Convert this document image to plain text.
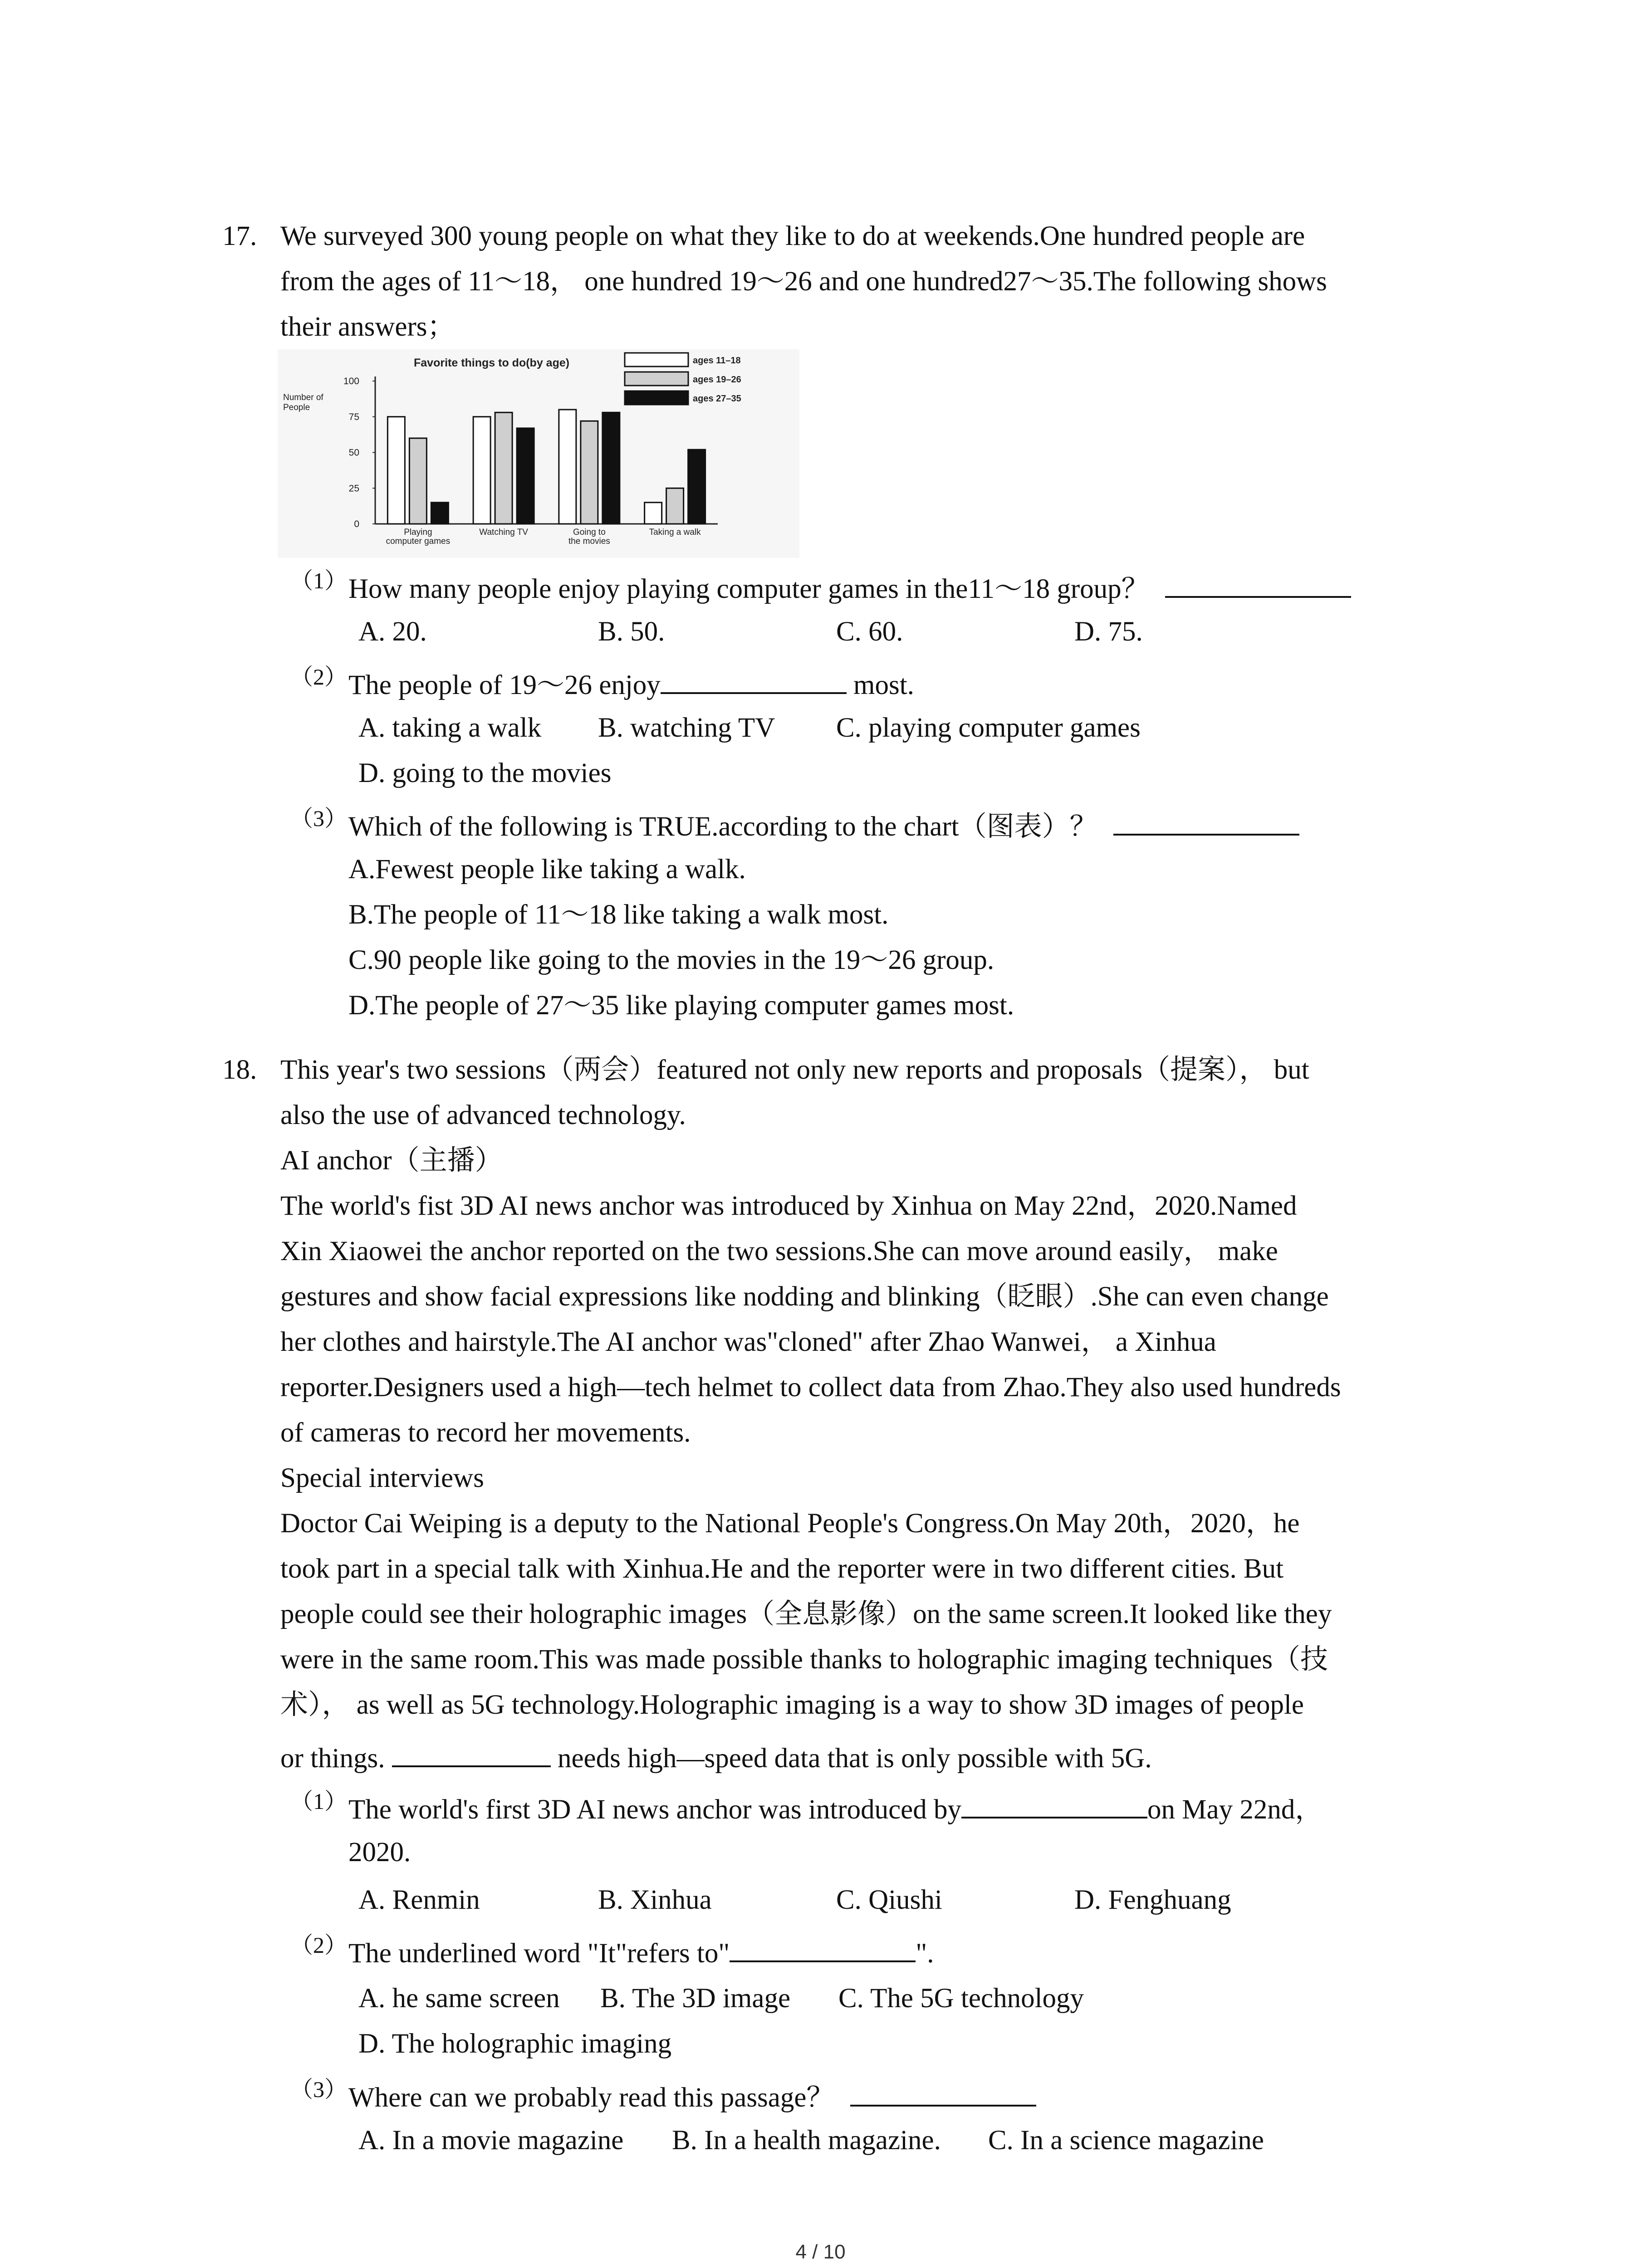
17. We surveyed 300 young people on what they like to do at weekends.One hundred people are
from the ages of 11～18， one hundred 19～26 and one hundred27～35.The following shows
their answers；
Favorite things to do(by age)
Number of
People
100
75
50
25
0
Playing
computer games
Watching TV	Going to
the movies
Taking a walk
ages 11–18
ages 19–26
ages 27–35
（1） How many people enjoy playing computer games in the11～18 group？
A. 20.	B. 50.	C. 60.	D. 75.
（2） The people of 19～26 enjoy	most.
A. taking a walk B. watching TV C. playing computer games
D. going to the movies
（3） Which of the following is TRUE.according to the chart（图表）？
A.Fewest people like taking a walk.
B.The people of 11～18 like taking a walk most.
C.90 people like going to the movies in the 19～26 group.
D.The people of 27～35 like playing computer games most.
18. This year's two sessions（两会）featured not only new reports and proposals（提案）， but
also the use of advanced technology.
AI anchor（主播）
The world's fist 3D AI news anchor was introduced by Xinhua on May 22nd，2020.Named
Xin Xiaowei the anchor reported on the two sessions.She can move around easily， make
gestures and show facial expressions like nodding and blinking（眨眼）.She can even change
her clothes and hairstyle.The AI anchor was"cloned" after Zhao Wanwei， a Xinhua
reporter.Designers used a high—tech helmet to collect data from Zhao.They also used hundreds
of cameras to record her movements.
Special interviews
Doctor Cai Weiping is a deputy to the National People's Congress.On May 20th，2020，he
took part in a special talk with Xinhua.He and the reporter were in two different cities. But
people could see their holographic images（全息影像）on the same screen.It looked like they
were in the same room.This was made possible thanks to holographic imaging techniques（技
术）， as well as 5G technology.Holographic imaging is a way to show 3D images of people
or things.	needs high—speed data that is only possible with 5G.
（1） The world's first 3D AI news anchor was introduced by	on May 22nd，
2020.
A. Renmin	B. Xinhua	C. Qiushi	D. Fenghuang
（2） The underlined word "It"refers to"	".
A. he same screen B. The 3D image C. The 5G technology
D. The holographic imaging
（3） Where can we probably read this passage？
A. In a movie magazine B. In a health magazine. C. In a science magazine
4 / 10
